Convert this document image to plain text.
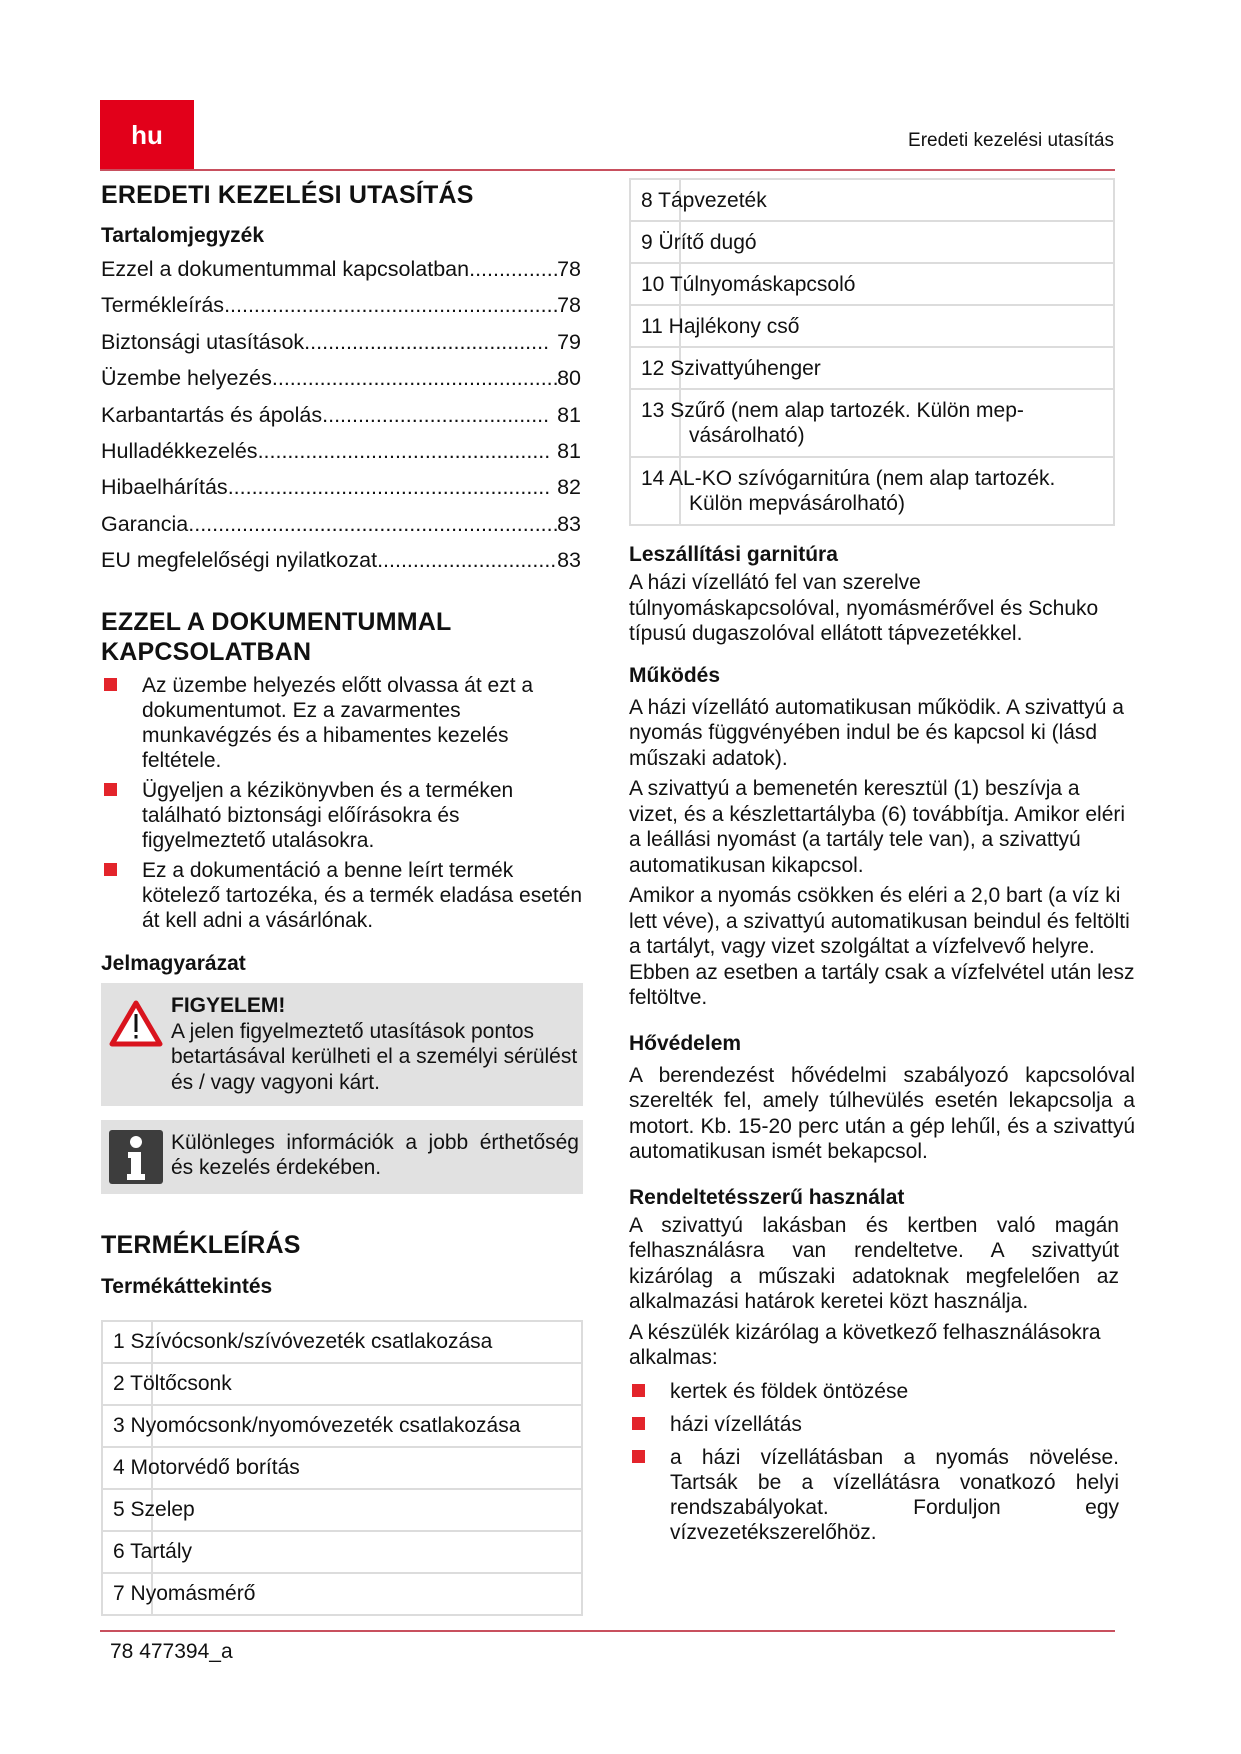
hu	Eredeti kezelési utasítás
EREDETI KEZELÉSI UTASÍTÁS
Tartalomjegyzék
Ezzel a dokumentummal kapcsolatban .....	78
Termékleírás .....	78
Biztonsági utasítások .....	79
Üzembe helyezés .....	80
Karbantartás és ápolás .....	81
Hulladékkezelés .....	81
Hibaelhárítás .....	82
Garancia .....	83
EU megfelelőségi nyilatkozat .....	83
EZZEL A DOKUMENTUMMAL
KAPCSOLATBAN
Az üzembe helyezés előtt olvassa át ezt a dokumentumot. Ez a zavarmentes munkavégzés és a hibamentes kezelés feltétele.
Ügyeljen a kézikönyvben és a terméken található biztonsági előírásokra és figyelmeztető utalásokra.
Ez a dokumentáció a benne leírt termék kötelező tartozéka, és a termék eladása esetén át kell adni a vásárlónak.
Jelmagyarázat
FIGYELEM!
A jelen figyelmeztető utasítások pontos betartásával kerülheti el a személyi sérülést és / vagy vagyoni kárt.
Különleges információk a jobb érthetőség és kezelés érdekében.
TERMÉKLEÍRÁS
Termékáttekintés

	1 Szívócsonk/szívóvezeték csatlakozása

	2 Töltőcsonk

	3 Nyomócsonk/nyomóvezeték csatlakozása

	4 Motorvédő borítás

	5 Szelep

	6 Tartály

	7 Nyomásmérő

	8 Tápvezeték

	9 Ürítő dugó

	10 Túlnyomáskapcsoló

	11 Hajlékony cső

	12 Szivattyúhenger

	13 Szűrő (nem alap tartozék. Külön mep-
vásárolható)

	14 AL-KO szívógarnitúra (nem alap tartozék.
Külön mepvásárolható)
Leszállítási garnitúra

A házi vízellátó fel van szerelve túlnyomáskapcsolóval, nyomásmérővel és Schuko típusú dugaszolóval ellátott tápvezetékkel.

Működés

A házi vízellátó automatikusan működik. A szivattyú a nyomás függvényében indul be és kapcsol ki (lásd műszaki adatok).

A szivattyú a bemenetén keresztül (1) beszívja a vizet, és a készlettartályba (6) továbbítja. Amikor eléri a leállási nyomást (a tartály tele van), a szivattyú automatikusan kikapcsol.

Amikor a nyomás csökken és eléri a 2,0 bart (a víz ki lett véve), a szivattyú automatikusan beindul és feltölti a tartályt, vagy vizet szolgáltat a vízfelvevő helyre. Ebben az esetben a tartály csak a vízfelvétel után lesz feltöltve.

Hővédelem

A berendezést hővédelmi szabályozó kapcsolóval szerelték fel, amely túlhevülés esetén lekapcsolja a motort. Kb. 15-20 perc után a gép lehűl, és a szivattyú automatikusan ismét bekapcsol.

Rendeltetésszerű használat

A szivattyú lakásban és kertben való magán felhasználásra van rendeltetve. A szivattyút kizárólag a műszaki adatoknak megfelelően az alkalmazási határok keretei közt használja.

A készülék kizárólag a következő felhasználásokra alkalmas:

kertek és földek öntözése
házi vízellátás
a házi vízellátásban a nyomás növelése. Tartsák be a vízellátásra vonatkozó helyi rendszabályokat. Forduljon egy vízvezetékszerelőhöz.
78 477394_a
